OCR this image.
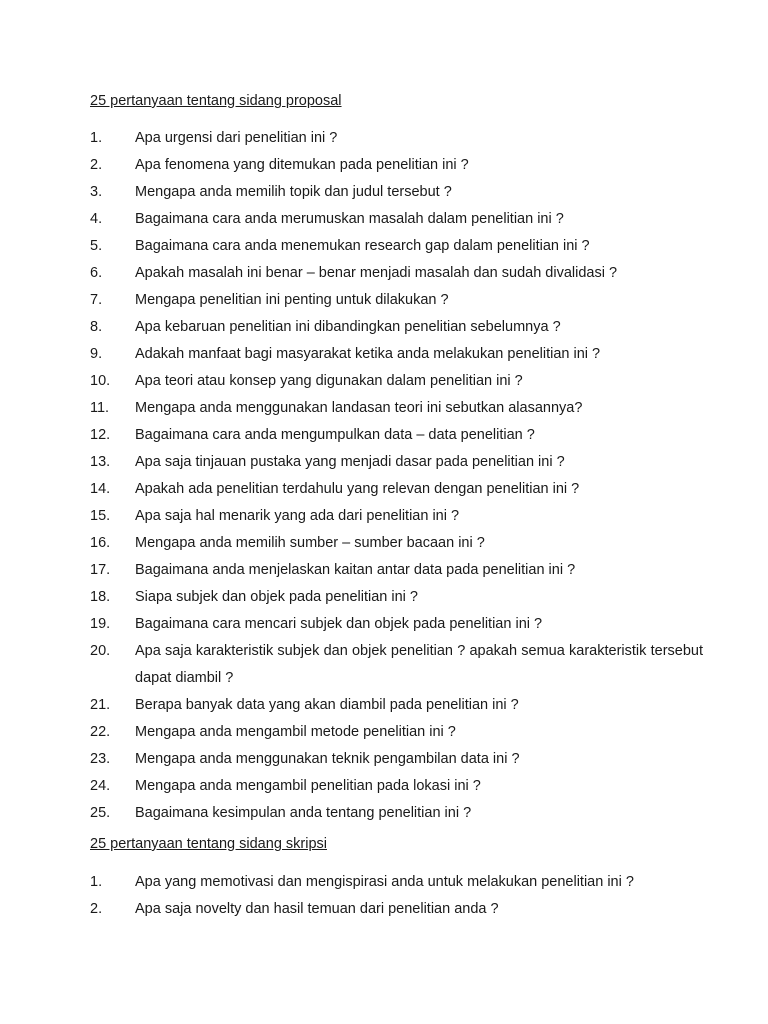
25 pertanyaan tentang sidang proposal
1.	Apa urgensi dari penelitian ini ?
2.	Apa fenomena yang ditemukan pada penelitian ini ?
3.	Mengapa anda memilih topik dan judul tersebut ?
4.	Bagaimana cara anda merumuskan masalah dalam penelitian ini ?
5.	Bagaimana cara anda menemukan research gap dalam penelitian ini ?
6.	Apakah masalah ini benar – benar menjadi masalah dan sudah divalidasi ?
7.	Mengapa penelitian ini penting untuk dilakukan ?
8.	Apa kebaruan penelitian ini dibandingkan penelitian sebelumnya ?
9.	Adakah manfaat bagi masyarakat ketika anda melakukan penelitian ini ?
10.	Apa teori atau konsep yang digunakan dalam penelitian ini ?
11.	Mengapa anda menggunakan landasan teori ini sebutkan alasannya?
12.	Bagaimana cara anda mengumpulkan data – data penelitian ?
13.	Apa saja tinjauan pustaka yang menjadi dasar pada penelitian ini ?
14.	Apakah ada penelitian terdahulu yang relevan dengan penelitian ini ?
15.	Apa saja hal menarik yang ada dari penelitian ini ?
16.	Mengapa anda memilih sumber – sumber bacaan ini ?
17.	Bagaimana anda menjelaskan kaitan antar data pada penelitian ini ?
18.	Siapa subjek dan objek pada penelitian ini ?
19.	Bagaimana cara mencari subjek dan objek pada penelitian ini ?
20.	Apa saja karakteristik subjek dan objek penelitian ? apakah semua karakteristik tersebut dapat diambil ?
21.	Berapa banyak data yang akan diambil pada penelitian ini ?
22.	Mengapa anda mengambil metode penelitian ini ?
23.	Mengapa anda menggunakan teknik pengambilan data ini ?
24.	Mengapa anda mengambil penelitian pada lokasi ini ?
25.	Bagaimana kesimpulan anda tentang penelitian ini ?
25 pertanyaan tentang sidang skripsi
1.	Apa yang memotivasi dan mengispirasi anda untuk melakukan penelitian ini ?
2.	Apa saja novelty dan hasil temuan dari penelitian anda ?
